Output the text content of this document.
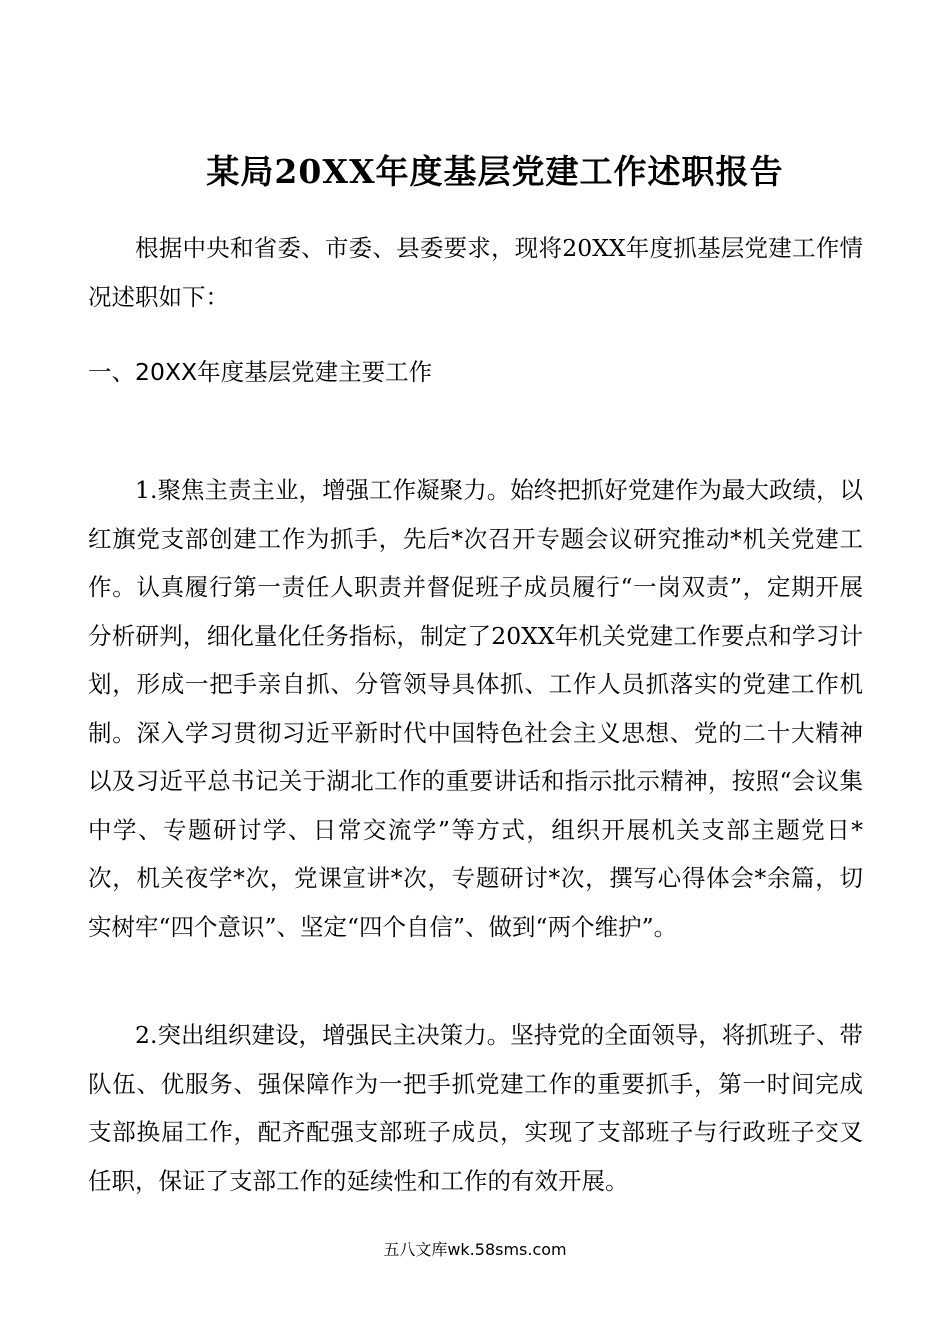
某局20XX年度基层党建工作述职报告

根据中央和省委、市委、县委要求，现将20XX年度抓基层党建工作情况述职如下：

一、20XX年度基层党建主要工作

1.聚焦主责主业，增强工作凝聚力。始终把抓好党建作为最大政绩，以红旗党支部创建工作为抓手，先后*次召开专题会议研究推动*机关党建工作。认真履行第一责任人职责并督促班子成员履行“一岗双责”，定期开展分析研判，细化量化任务指标，制定了20XX年机关党建工作要点和学习计划，形成一把手亲自抓、分管领导具体抓、工作人员抓落实的党建工作机制。深入学习贯彻习近平新时代中国特色社会主义思想、党的二十大精神以及习近平总书记关于湖北工作的重要讲话和指示批示精神，按照“会议集中学、专题研讨学、日常交流学”等方式，组织开展机关支部主题党日*次，机关夜学*次，党课宣讲*次，专题研讨*次，撰写心得体会*余篇，切实树牢“四个意识”、坚定“四个自信”、做到“两个维护”。

2.突出组织建设，增强民主决策力。坚持党的全面领导，将抓班子、带队伍、优服务、强保障作为一把手抓党建工作的重要抓手，第一时间完成支部换届工作，配齐配强支部班子成员，实现了支部班子与行政班子交叉任职，保证了支部工作的延续性和工作的有效开展。

五八文库wk.58sms.com
